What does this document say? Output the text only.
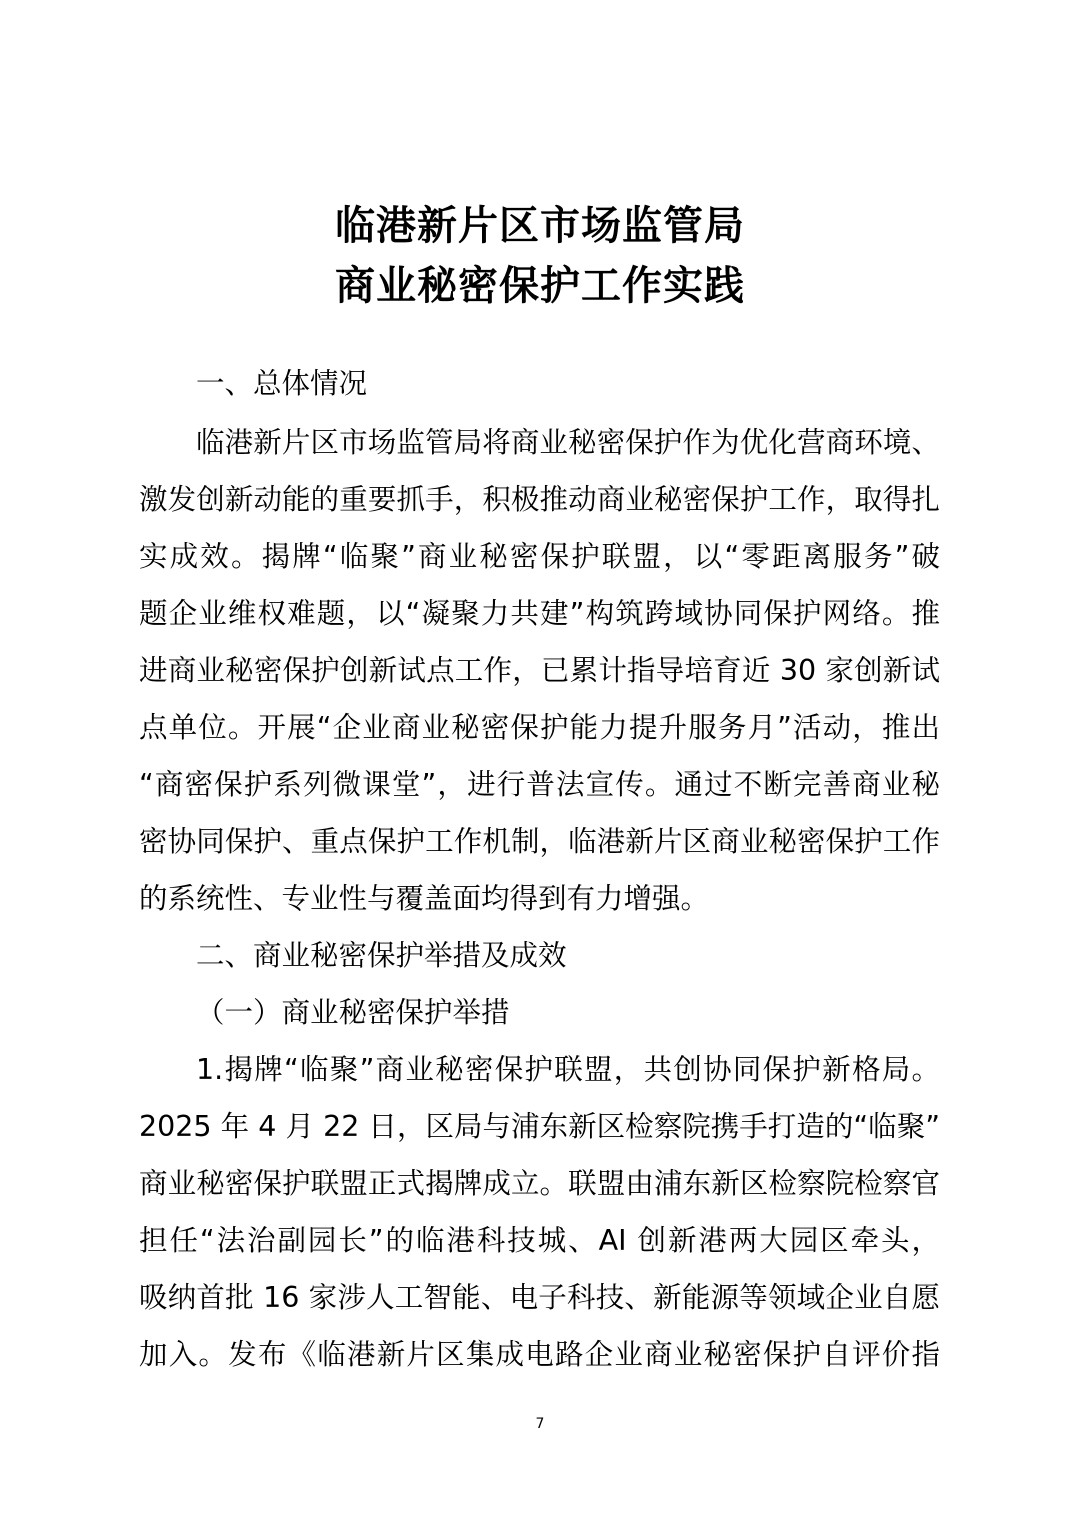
临港新片区市场监管局
商业秘密保护工作实践
一、总体情况
临港新片区市场监管局将商业秘密保护作为优化营商环境、
激发创新动能的重要抓手，积极推动商业秘密保护工作，取得扎
实成效。揭牌“临聚”商业秘密保护联盟，以“零距离服务”破
题企业维权难题，以“凝聚力共建”构筑跨域协同保护网络。推
进商业秘密保护创新试点工作，已累计指导培育近 30 家创新试
点单位。开展“企业商业秘密保护能力提升服务月”活动，推出
“商密保护系列微课堂”，进行普法宣传。通过不断完善商业秘
密协同保护、重点保护工作机制，临港新片区商业秘密保护工作
的系统性、专业性与覆盖面均得到有力增强。
二、商业秘密保护举措及成效
（一）商业秘密保护举措
1.揭牌“临聚”商业秘密保护联盟，共创协同保护新格局。
2025 年 4 月 22 日，区局与浦东新区检察院携手打造的“临聚”
商业秘密保护联盟正式揭牌成立。联盟由浦东新区检察院检察官
担任“法治副园长”的临港科技城、AI 创新港两大园区牵头，
吸纳首批 16 家涉人工智能、电子科技、新能源等领域企业自愿
加入。发布《临港新片区集成电路企业商业秘密保护自评价指
7
